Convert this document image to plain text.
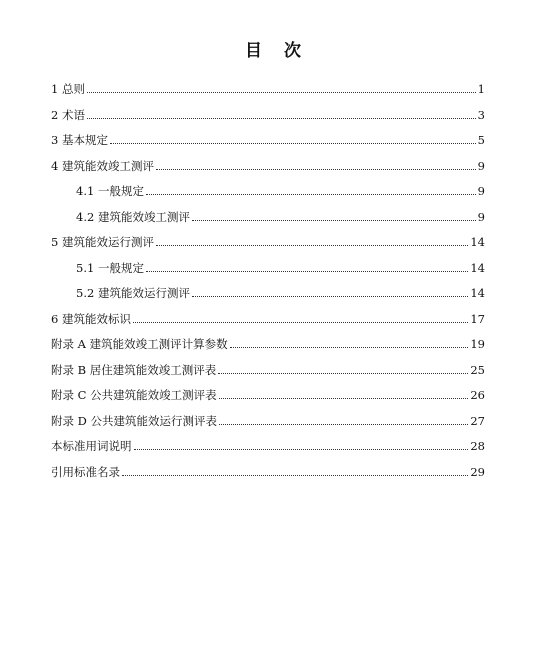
目 次
1 总则	1
2 术语	3
3 基本规定	5
4 建筑能效竣工测评	9
4.1 一般规定	9
4.2 建筑能效竣工测评	9
5 建筑能效运行测评	14
5.1 一般规定	14
5.2 建筑能效运行测评	14
6 建筑能效标识	17
附录 A 建筑能效竣工测评计算参数	19
附录 B 居住建筑能效竣工测评表	25
附录 C 公共建筑能效竣工测评表	26
附录 D 公共建筑能效运行测评表	27
本标准用词说明	28
引用标准名录	29
